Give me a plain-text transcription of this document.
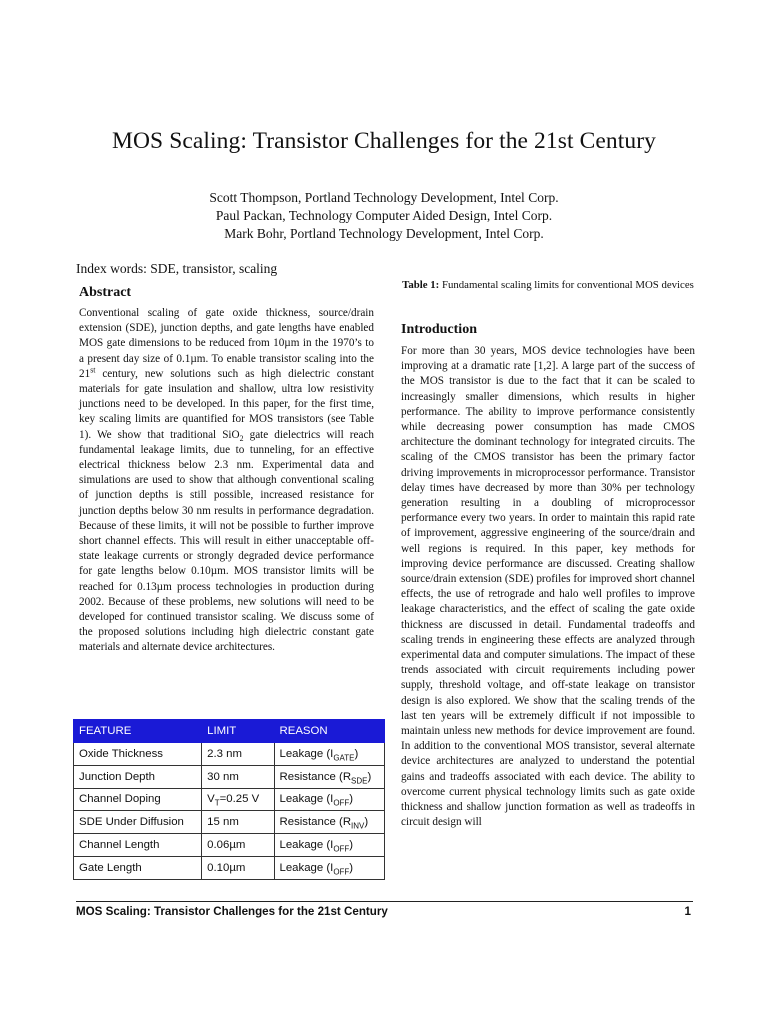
MOS Scaling: Transistor Challenges for the 21st Century
Scott Thompson, Portland Technology Development, Intel Corp.
Paul Packan, Technology Computer Aided Design, Intel Corp.
Mark Bohr, Portland Technology Development, Intel Corp.
Index words: SDE, transistor, scaling
Abstract
Conventional scaling of gate oxide thickness, source/drain extension (SDE), junction depths, and gate lengths have enabled MOS gate dimensions to be reduced from 10µm in the 1970’s to a present day size of 0.1µm. To enable transistor scaling into the 21st century, new solutions such as high dielectric constant materials for gate insulation and shallow, ultra low resistivity junctions need to be developed. In this paper, for the first time, key scaling limits are quantified for MOS transistors (see Table 1). We show that traditional SiO$_2$ gate dielectrics will reach fundamental leakage limits, due to tunneling, for an effective electrical thickness below 2.3 nm. Experimental data and simulations are used to show that although conventional scaling of junction depths is still possible, increased resistance for junction depths below 30 nm results in performance degradation. Because of these limits, it will not be possible to further improve short channel effects. This will result in either unacceptable off-state leakage currents or strongly degraded device performance for gate lengths below 0.10µm. MOS transistor limits will be reached for 0.13µm process technologies in production during 2002. Because of these problems, new solutions will need to be developed for continued transistor scaling. We discuss some of the proposed solutions including high dielectric constant gate materials and alternate device architectures.
FEATURE	LIMIT	REASON
Oxide Thickness	2.3 nm	Leakage $(I_{GATE})$
Junction Depth	30 nm	Resistance $(R_{SDE})$
Channel Doping	$V_T=0.25$ V	Leakage $(I_{OFF})$
SDE Under Diffusion	15 nm	Resistance $(R_{INV})$
Channel Length	0.06µm	Leakage $(I_{OFF})$
Gate Length	0.10µm	Leakage $(I_{OFF})$
Table 1: Fundamental scaling limits for conventional MOS devices
Introduction
For more than 30 years, MOS device technologies have been improving at a dramatic rate [1,2]. A large part of the success of the MOS transistor is due to the fact that it can be scaled to increasingly smaller dimensions, which results in higher performance. The ability to improve performance consistently while decreasing power consumption has made CMOS architecture the dominant technology for integrated circuits. The scaling of the CMOS transistor has been the primary factor driving improvements in microprocessor performance. Transistor delay times have decreased by more than 30% per technology generation resulting in a doubling of microprocessor performance every two years. In order to maintain this rapid rate of improvement, aggressive engineering of the source/drain and well regions is required. In this paper, key methods for improving device performance are discussed. Creating shallow source/drain extension (SDE) profiles for improved short channel effects, the use of retrograde and halo well profiles to improve leakage characteristics, and the effect of scaling the gate oxide thickness are discussed in detail. Fundamental tradeoffs and scaling trends in engineering these effects are analyzed through experimental data and computer simulations. The impact of these trends associated with circuit requirements including power supply, threshold voltage, and off-state leakage on transistor design is also explored. We show that the scaling trends of the last ten years will be extremely difficult if not impossible to maintain unless new methods for device improvement are found. In addition to the conventional MOS transistor, several alternate device architectures are analyzed to understand the potential gains and tradeoffs associated with each device. The ability to overcome current physical technology limits such as gate oxide thickness and shallow junction formation as well as tradeoffs in circuit design will
MOS Scaling: Transistor Challenges for the 21st Century	1
